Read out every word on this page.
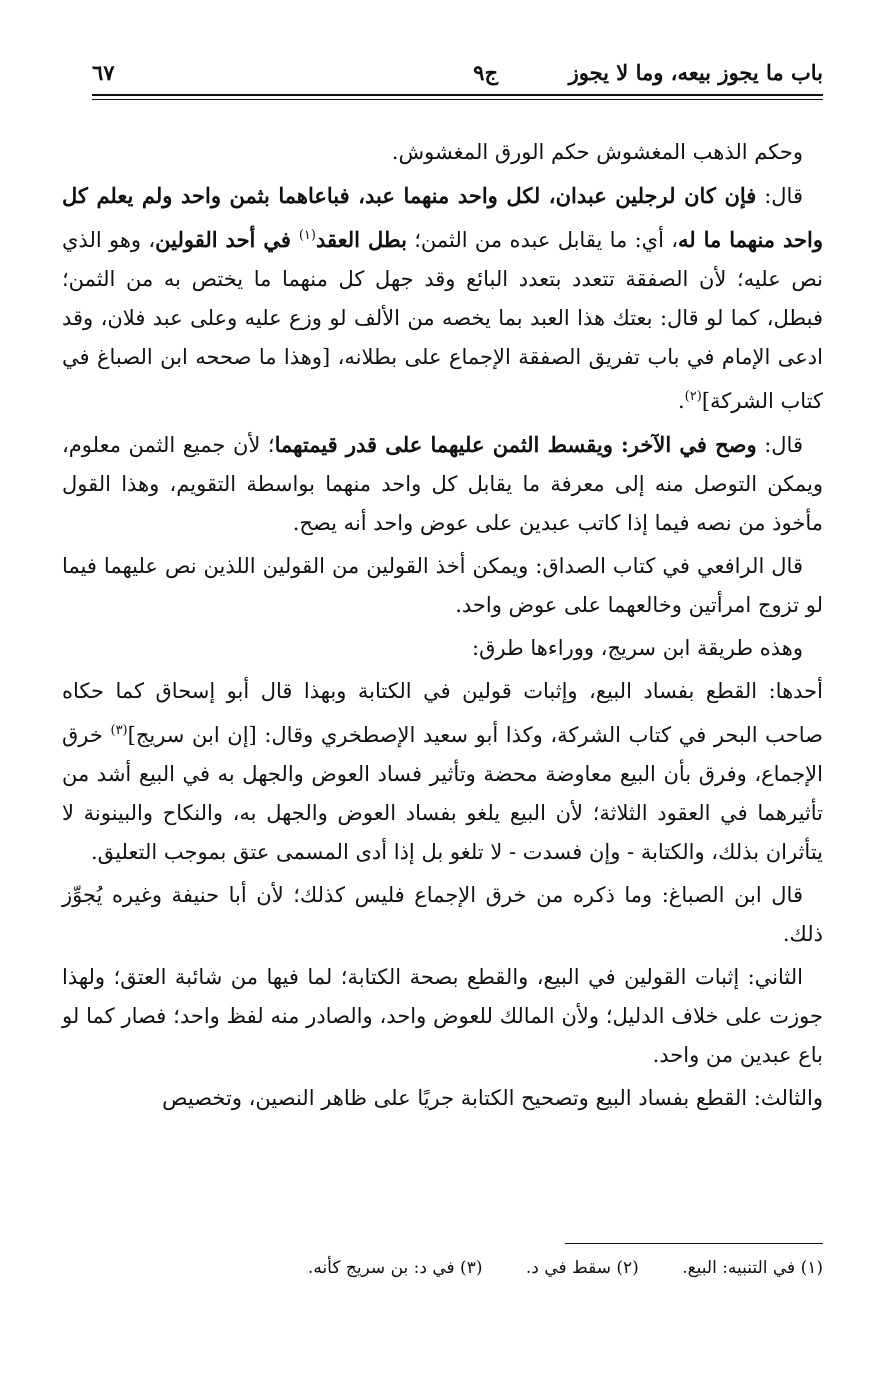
باب ما يجوز بيعه، وما لا يجوز
ج٩
٦٧

وحكم الذهب المغشوش حكم الورق المغشوش.

قال: فإن كان لرجلين عبدان، لكل واحد منهما عبد، فباعاهما بثمن واحد ولم يعلم كل واحد منهما ما له، أي: ما يقابل عبده من الثمن؛ بطل العقد$^{(١)}$ في أحد القولين، وهو الذي نص عليه؛ لأن الصفقة تتعدد بتعدد البائع وقد جهل كل منهما ما يختص به من الثمن؛ فبطل، كما لو قال: بعتك هذا العبد بما يخصه من الألف لو وزع عليه وعلى عبد فلان، وقد ادعى الإمام في باب تفريق الصفقة الإجماع على بطلانه، [وهذا ما صححه ابن الصباغ في كتاب الشركة]$^{(٢)}$.

قال: وصح في الآخر: ويقسط الثمن عليهما على قدر قيمتهما؛ لأن جميع الثمن معلوم، ويمكن التوصل منه إلى معرفة ما يقابل كل واحد منهما بواسطة التقويم، وهذا القول مأخوذ من نصه فيما إذا كاتب عبدين على عوض واحد أنه يصح.

قال الرافعي في كتاب الصداق: ويمكن أخذ القولين من القولين اللذين نص عليهما فيما لو تزوج امرأتين وخالعهما على عوض واحد.

وهذه طريقة ابن سريج، ووراءها طرق:

أحدها: القطع بفساد البيع، وإثبات قولين في الكتابة وبهذا قال أبو إسحاق كما حكاه صاحب البحر في كتاب الشركة، وكذا أبو سعيد الإصطخري وقال: [إن ابن سريج]$^{(٣)}$ خرق الإجماع، وفرق بأن البيع معاوضة محضة وتأثير فساد العوض والجهل به في البيع أشد من تأثيرهما في العقود الثلاثة؛ لأن البيع يلغو بفساد العوض والجهل به، والنكاح والبينونة لا يتأثران بذلك، والكتابة - وإن فسدت - لا تلغو بل إذا أدى المسمى عتق بموجب التعليق.

قال ابن الصباغ: وما ذكره من خرق الإجماع فليس كذلك؛ لأن أبا حنيفة وغيره يُجوِّز ذلك.

الثاني: إثبات القولين في البيع، والقطع بصحة الكتابة؛ لما فيها من شائبة العتق؛ ولهذا جوزت على خلاف الدليل؛ ولأن المالك للعوض واحد، والصادر منه لفظ واحد؛ فصار كما لو باع عبدين من واحد.

والثالث: القطع بفساد البيع وتصحيح الكتابة جريًا على ظاهر النصين، وتخصيص

(١) في التنبيه: البيع. (٢) سقط في د. (٣) في د: بن سريج كأنه.
